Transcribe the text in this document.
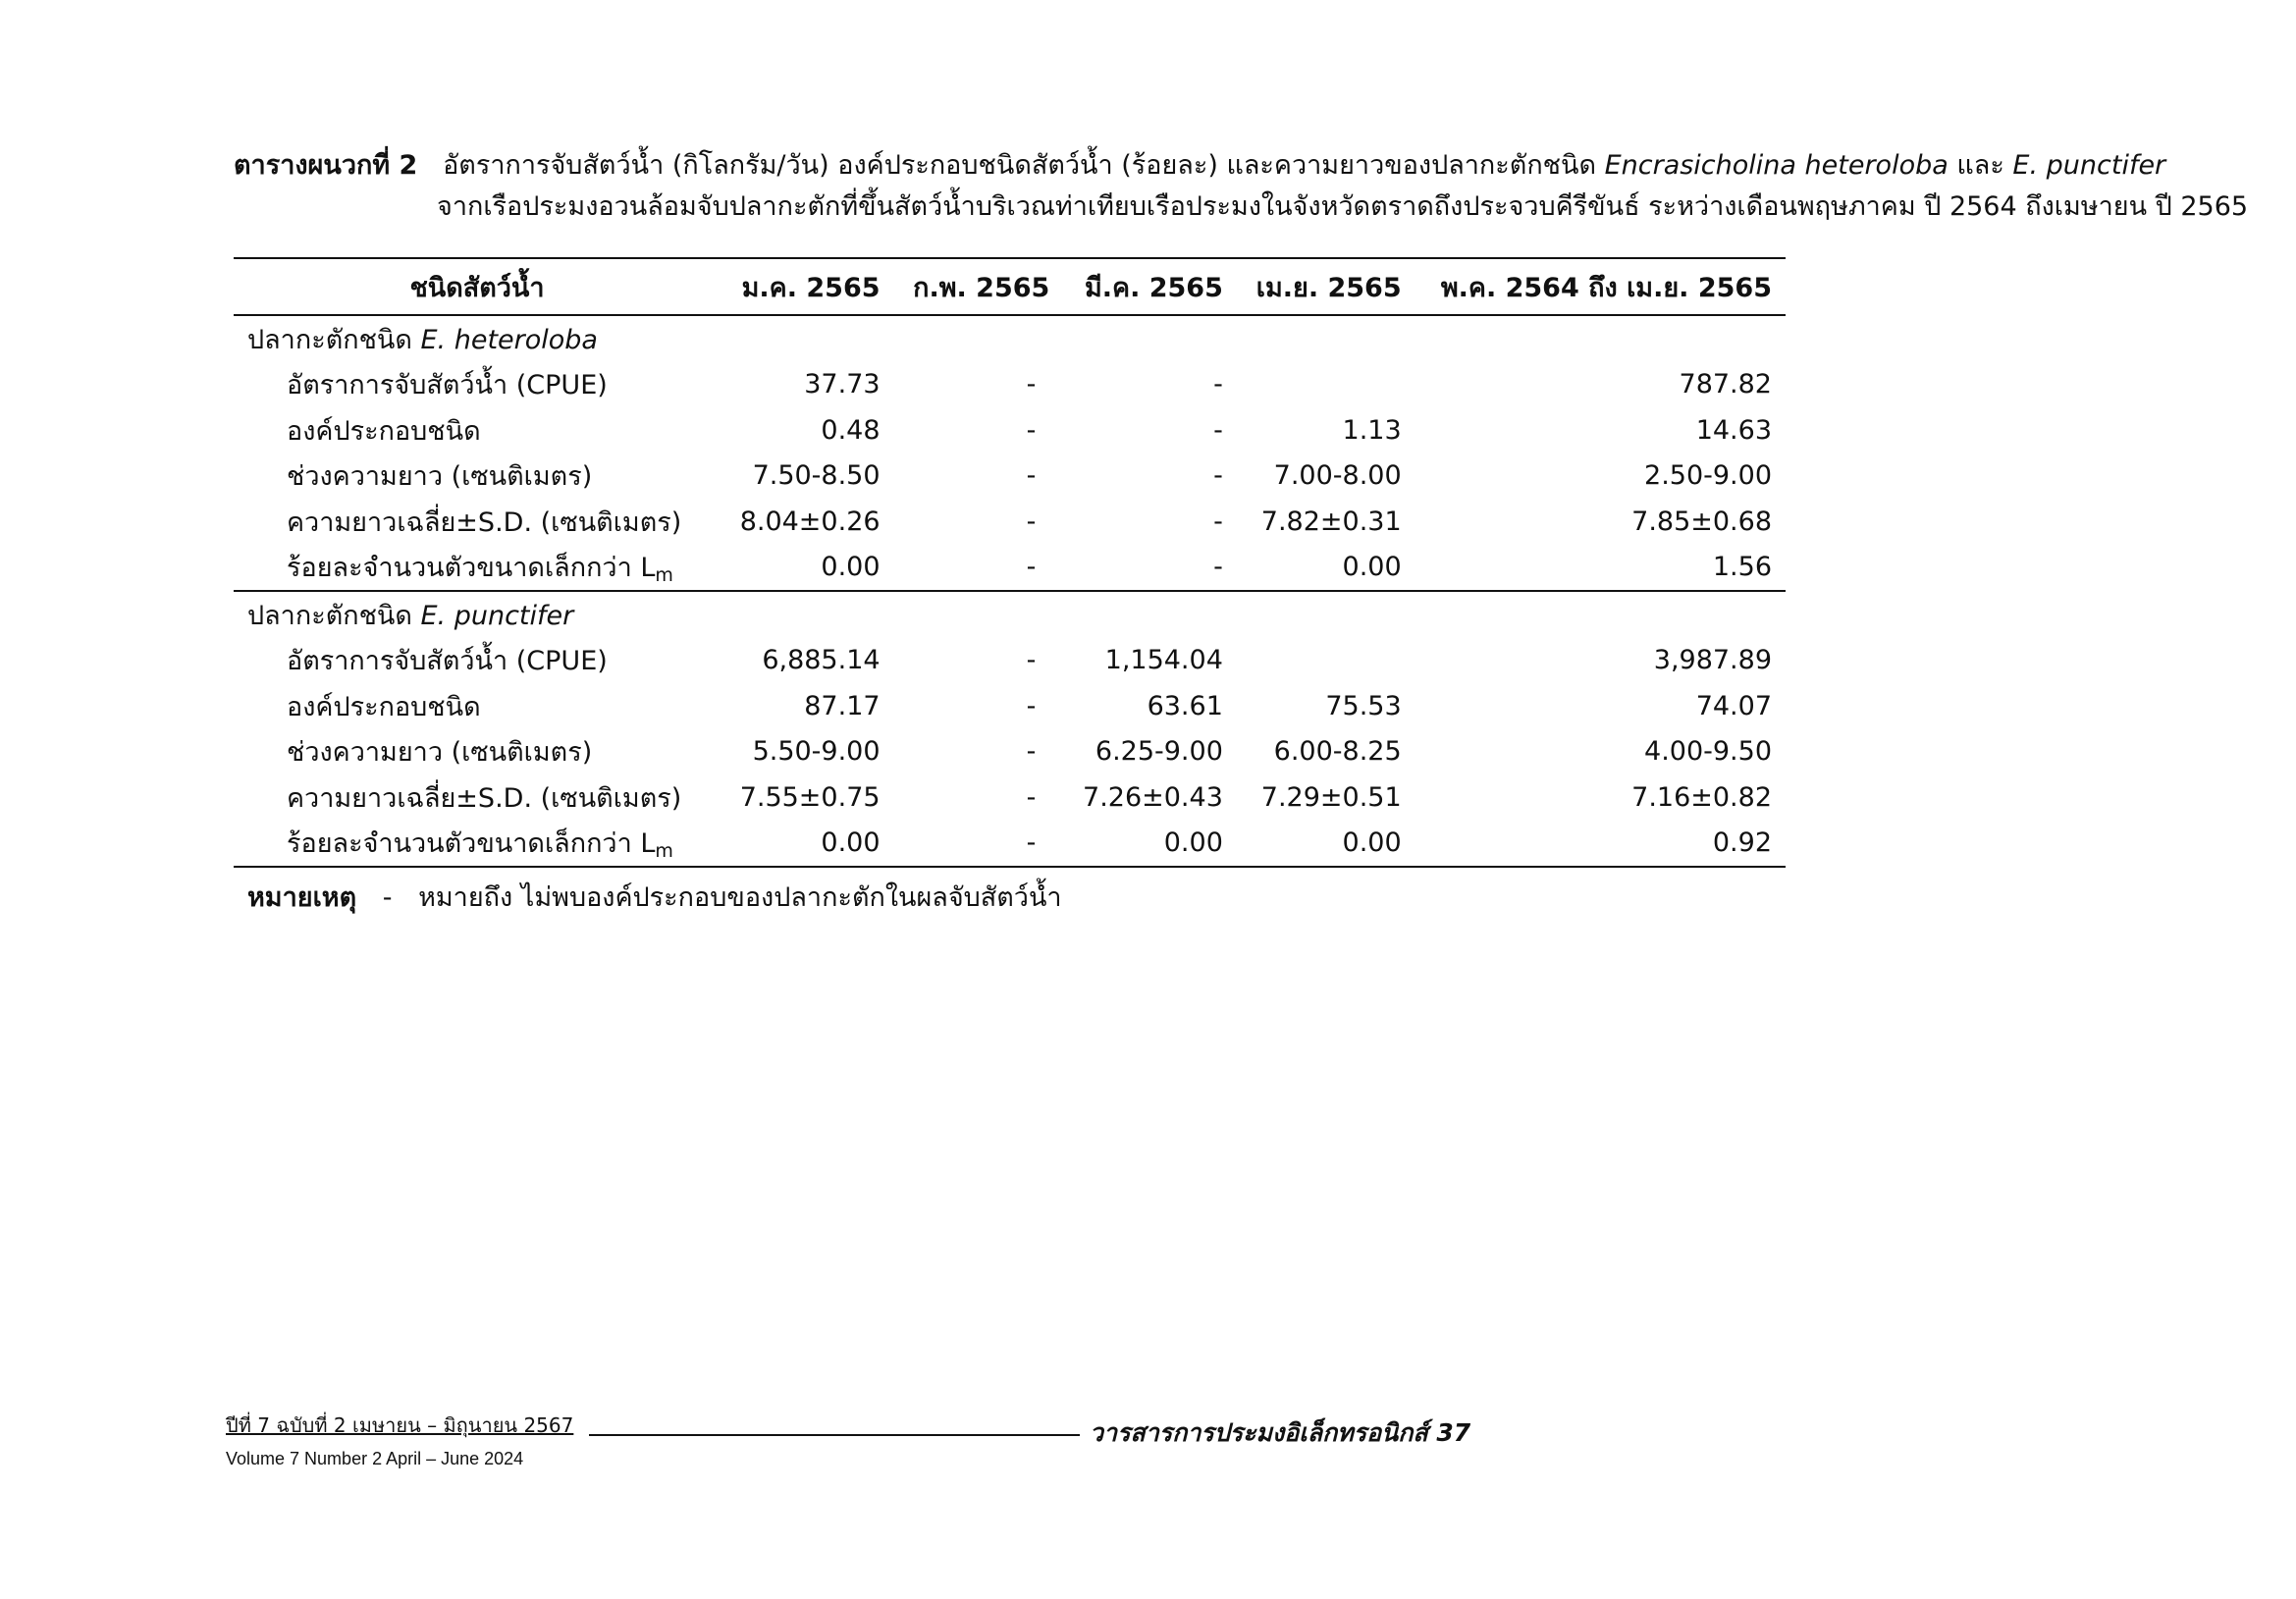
ตารางผนวกที่ 2 อัตราการจับสัตว์น้ำ (กิโลกรัม/วัน) องค์ประกอบชนิดสัตว์น้ำ (ร้อยละ) และความยาวของปลากะตักชนิด Encrasicholina heteroloba และ E. punctifer
จากเรือประมงอวนล้อมจับปลากะตักที่ขึ้นสัตว์น้ำบริเวณท่าเทียบเรือประมงในจังหวัดตราดถึงประจวบคีรีขันธ์ ระหว่างเดือนพฤษภาคม ปี 2564 ถึงเมษายน ปี 2565
ชนิดสัตว์น้ำ	ม.ค. 2565	ก.พ. 2565	มี.ค. 2565	เม.ย. 2565	พ.ค. 2564 ถึง เม.ย. 2565
ปลากะตักชนิด E. heteroloba					
อัตราการจับสัตว์น้ำ (CPUE)	37.73	-	-		787.82
องค์ประกอบชนิด	0.48	-	-	1.13	14.63
ช่วงความยาว (เซนติเมตร)	7.50-8.50	-	-	7.00-8.00	2.50-9.00
ความยาวเฉลี่ย±S.D. (เซนติเมตร)	8.04±0.26	-	-	7.82±0.31	7.85±0.68
ร้อยละจำนวนตัวขนาดเล็กกว่า $L_m$	0.00	-	-	0.00	1.56
ปลากะตักชนิด E. punctifer					
อัตราการจับสัตว์น้ำ (CPUE)	6,885.14	-	1,154.04		3,987.89
องค์ประกอบชนิด	87.17	-	63.61	75.53	74.07
ช่วงความยาว (เซนติเมตร)	5.50-9.00	-	6.25-9.00	6.00-8.25	4.00-9.50
ความยาวเฉลี่ย±S.D. (เซนติเมตร)	7.55±0.75	-	7.26±0.43	7.29±0.51	7.16±0.82
ร้อยละจำนวนตัวขนาดเล็กกว่า $L_m$	0.00	-	0.00	0.00	0.92
หมายเหตุ - หมายถึง ไม่พบองค์ประกอบของปลากะตักในผลจับสัตว์น้ำ
ปีที่ 7 ฉบับที่ 2 เมษายน – มิถุนายน 2567
Volume 7 Number 2 April – June 2024
วารสารการประมงอิเล็กทรอนิกส์ 37
